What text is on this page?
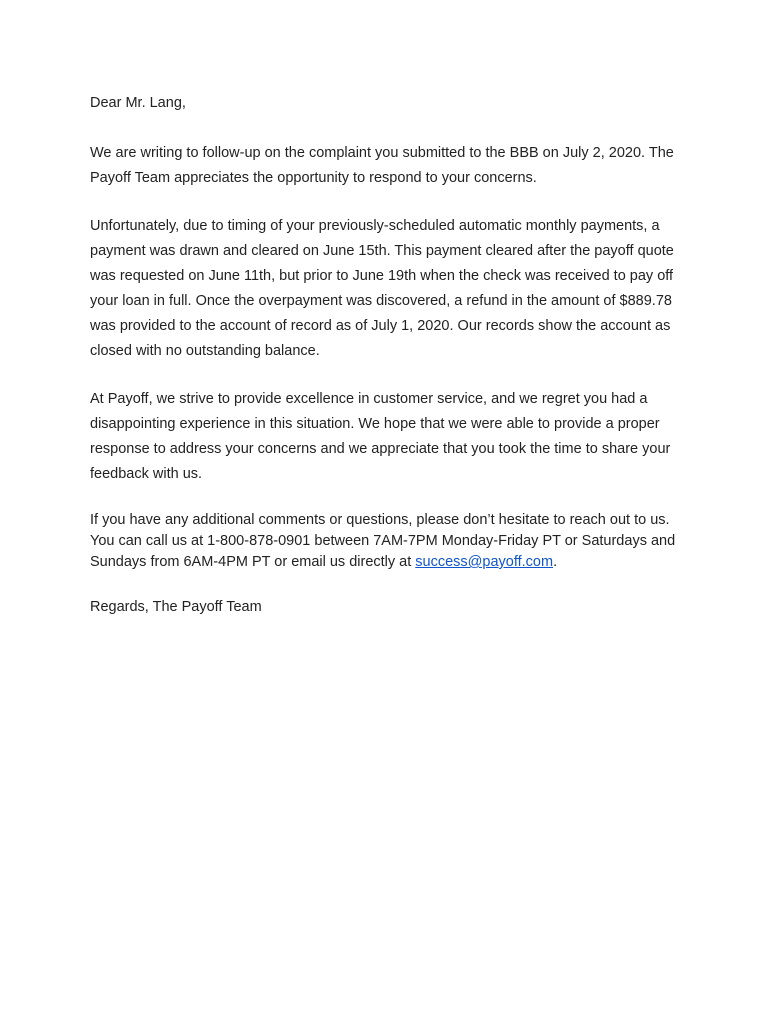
Dear Mr. Lang,

We are writing to follow-up on the complaint you submitted to the BBB on July 2, 2020. The Payoff Team appreciates the opportunity to respond to your concerns.

Unfortunately, due to timing of your previously-scheduled automatic monthly payments, a payment was drawn and cleared on June 15th. This payment cleared after the payoff quote was requested on June 11th, but prior to June 19th when the check was received to pay off your loan in full. Once the overpayment was discovered, a refund in the amount of $889.78 was provided to the account of record as of July 1, 2020. Our records show the account as closed with no outstanding balance.

At Payoff, we strive to provide excellence in customer service, and we regret you had a disappointing experience in this situation. We hope that we were able to provide a proper response to address your concerns and we appreciate that you took the time to share your feedback with us.

If you have any additional comments or questions, please don’t hesitate to reach out to us. You can call us at 1-800-878-0901 between 7AM-7PM Monday-Friday PT or Saturdays and Sundays from 6AM-4PM PT or email us directly at success@payoff.com.

Regards, The Payoff Team
